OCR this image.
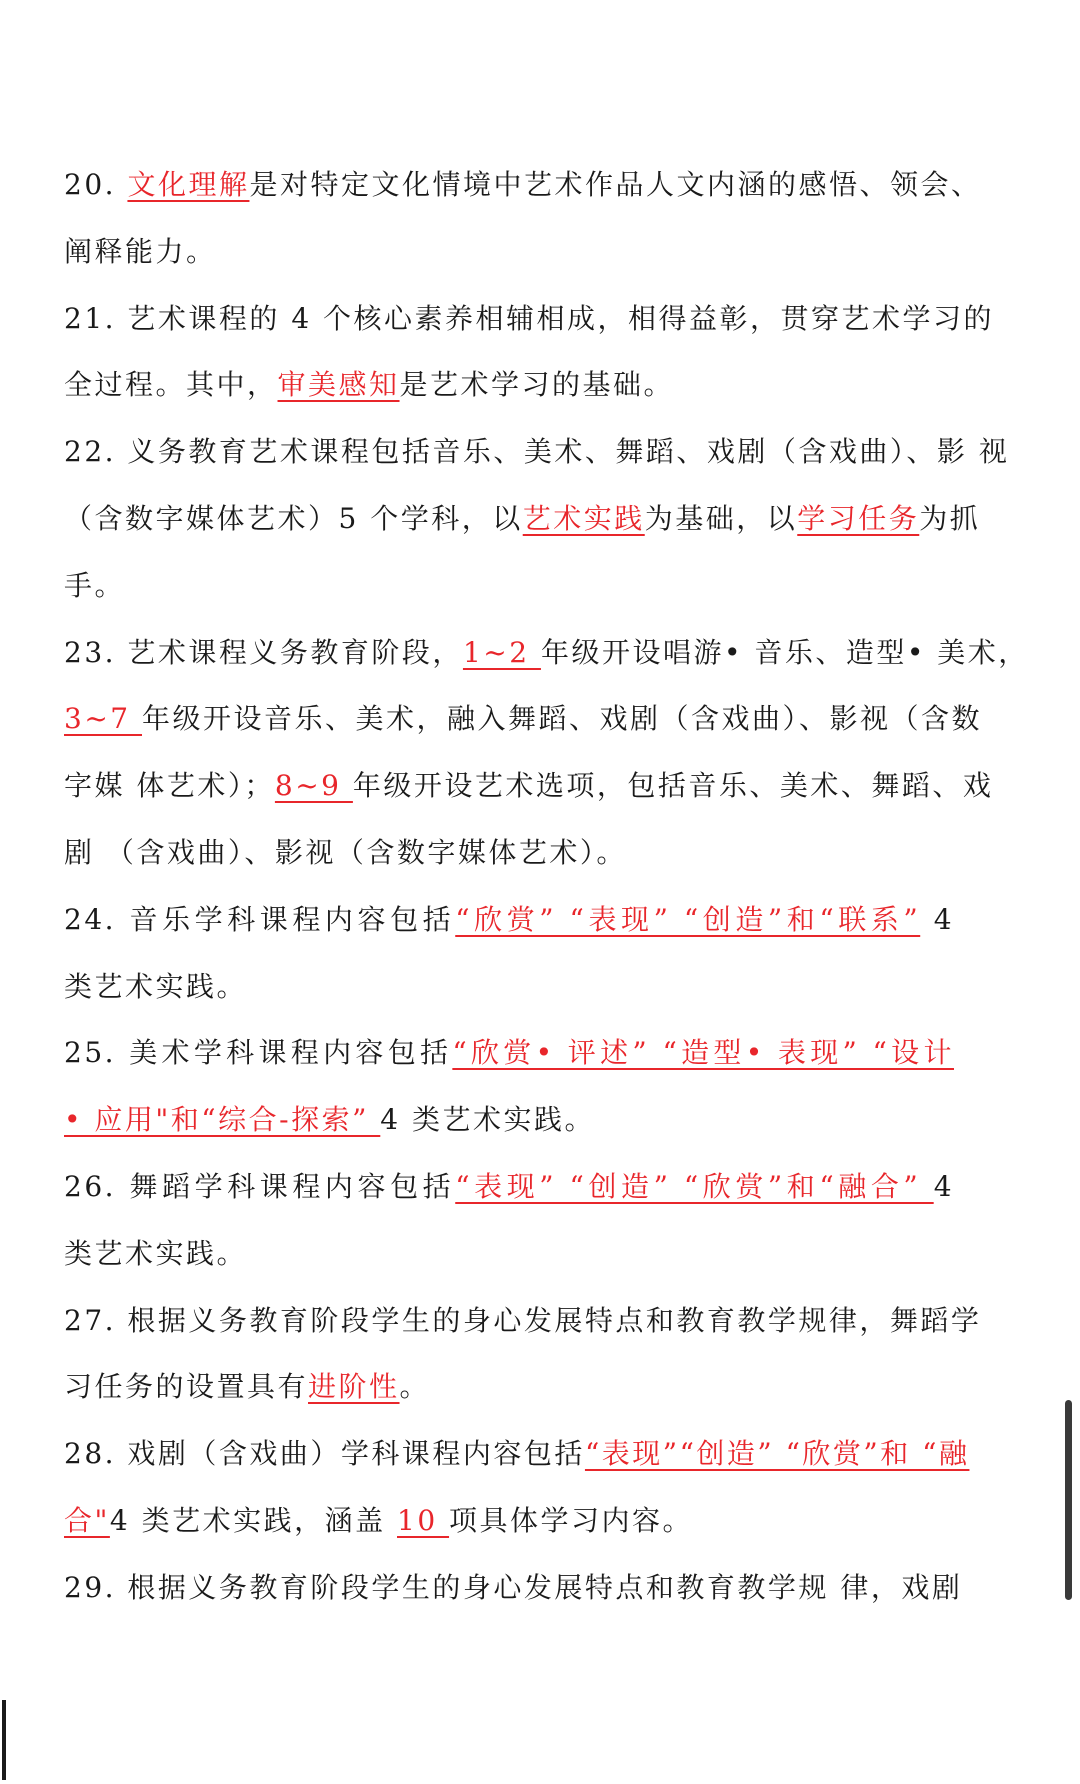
20. 文化理解是对特定文化情境中艺术作品人文内涵的感悟、领会、
阐释能力。
21. 艺术课程的 4 个核心素养相辅相成，相得益彰，贯穿艺术学习的
全过程。其中，审美感知是艺术学习的基础。
22. 义务教育艺术课程包括音乐、美术、舞蹈、戏剧（含戏曲）、影 视
（含数字媒体艺术）5 个学科，以艺术实践为基础，以学习任务为抓
手。
23. 艺术课程义务教育阶段，1~2 年级开设唱游• 音乐、造型• 美术，
3~7 年级开设音乐、美术，融入舞蹈、戏剧（含戏曲）、影视（含数
字媒 体艺术）；8~9 年级开设艺术选项，包括音乐、美术、舞蹈、戏
剧 （含戏曲）、影视（含数字媒体艺术）。
24. 音乐学科课程内容包括“欣赏” “表现” “创造”和“联系” 4
类艺术实践。
25. 美术学科课程内容包括“欣赏• 评述” “造型• 表现” “设计
• 应用"和“综合-探索” 4 类艺术实践。
26. 舞蹈学科课程内容包括“表现” “创造” “欣赏”和“融合” 4
类艺术实践。
27. 根据义务教育阶段学生的身心发展特点和教育教学规律，舞蹈学
习任务的设置具有进阶性。
28. 戏剧（含戏曲）学科课程内容包括“表现”“创造” “欣赏”和 “融
合"4 类艺术实践，涵盖 10 项具体学习内容。
29. 根据义务教育阶段学生的身心发展特点和教育教学规 律，戏剧
